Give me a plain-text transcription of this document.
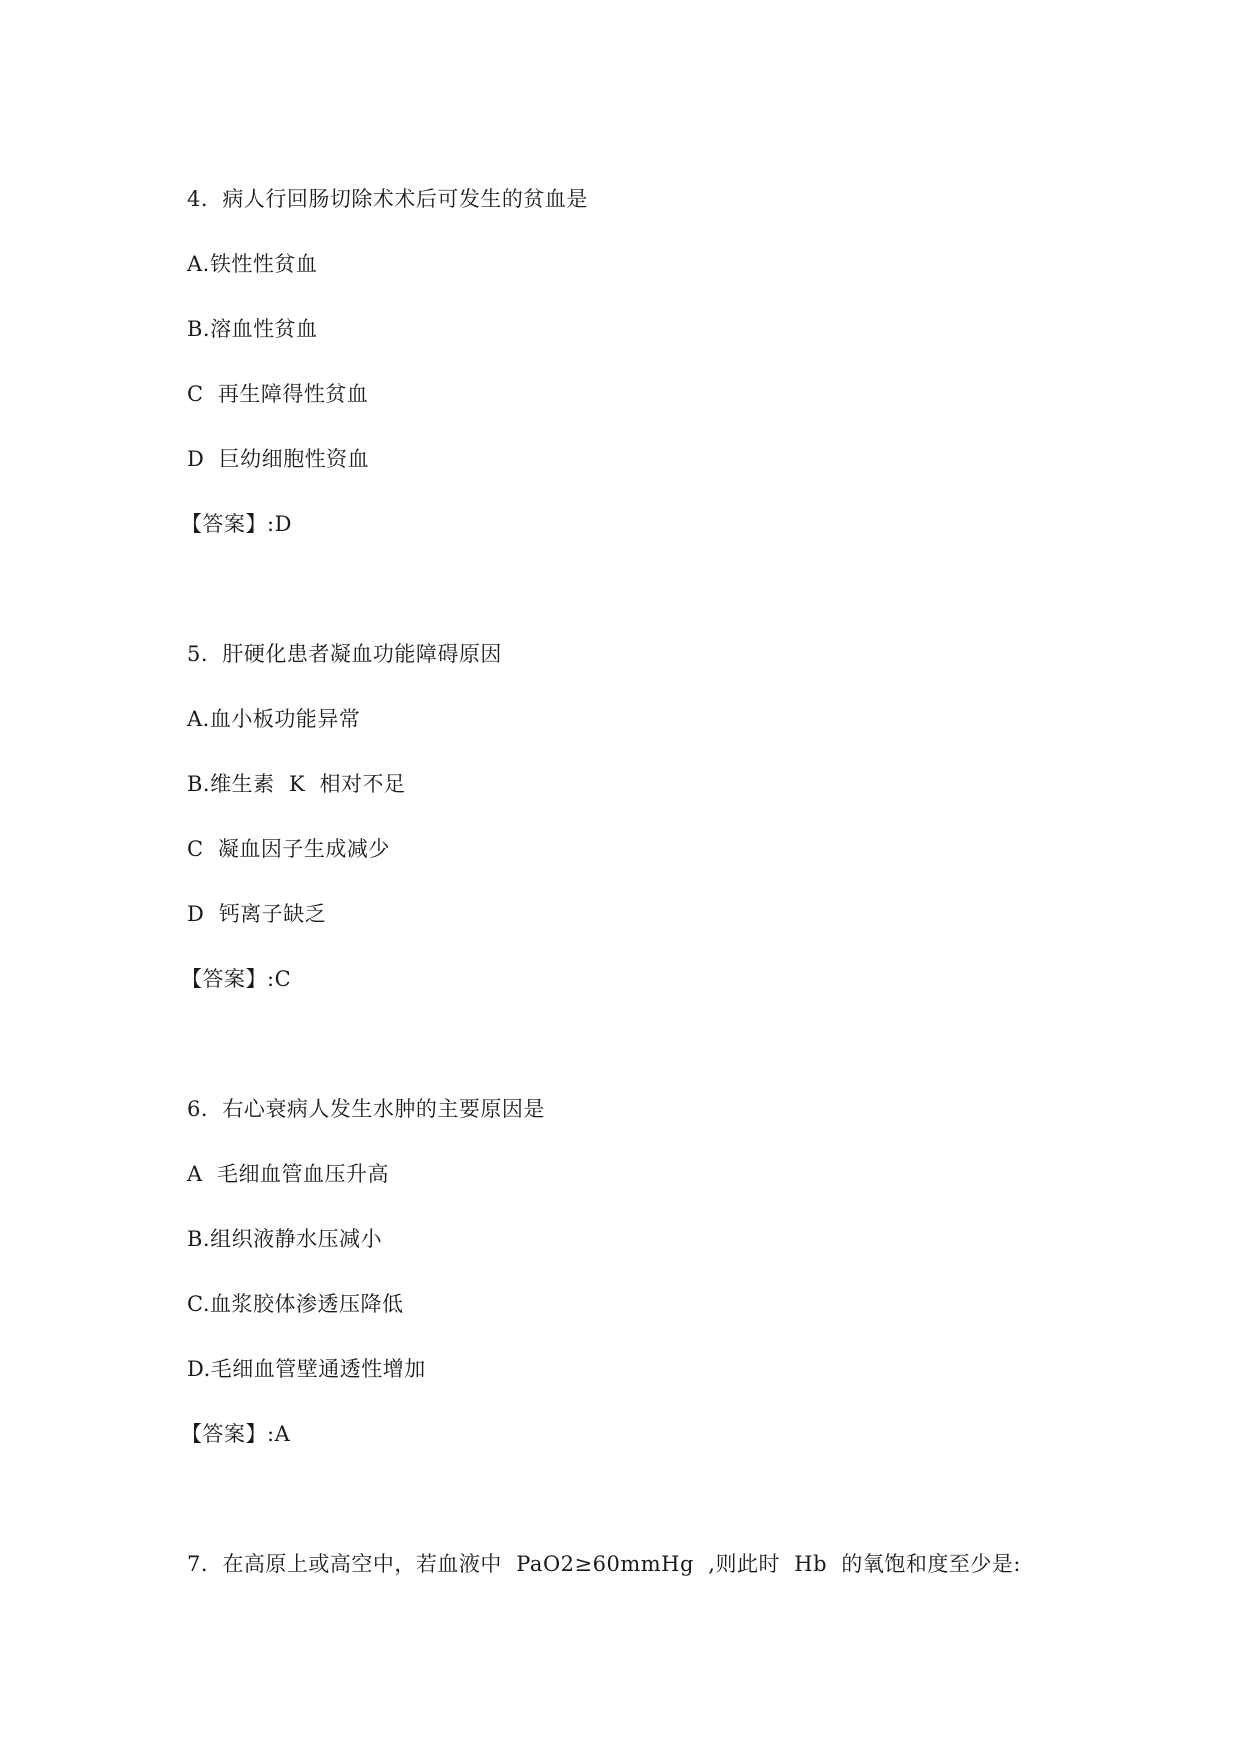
4.  病人行回肠切除术术后可发生的贫血是
A.铁性性贫血
B.溶血性贫血
C  再生障得性贫血
D  巨幼细胞性资血
【答案】:D
5.  肝硬化患者凝血功能障碍原因
A.血小板功能异常
B.维生素  K  相对不足
C  凝血因子生成减少
D  钙离子缺乏
【答案】:C
6.  右心衰病人发生水肿的主要原因是
A  毛细血管血压升高
B.组织液静水压减小
C.血浆胶体渗透压降低
D.毛细血管壁通透性增加
【答案】:A
7.  在高原上或高空中，若血液中  PaO2≥60mmHg  ,则此时  Hb  的氧饱和度至少是:
